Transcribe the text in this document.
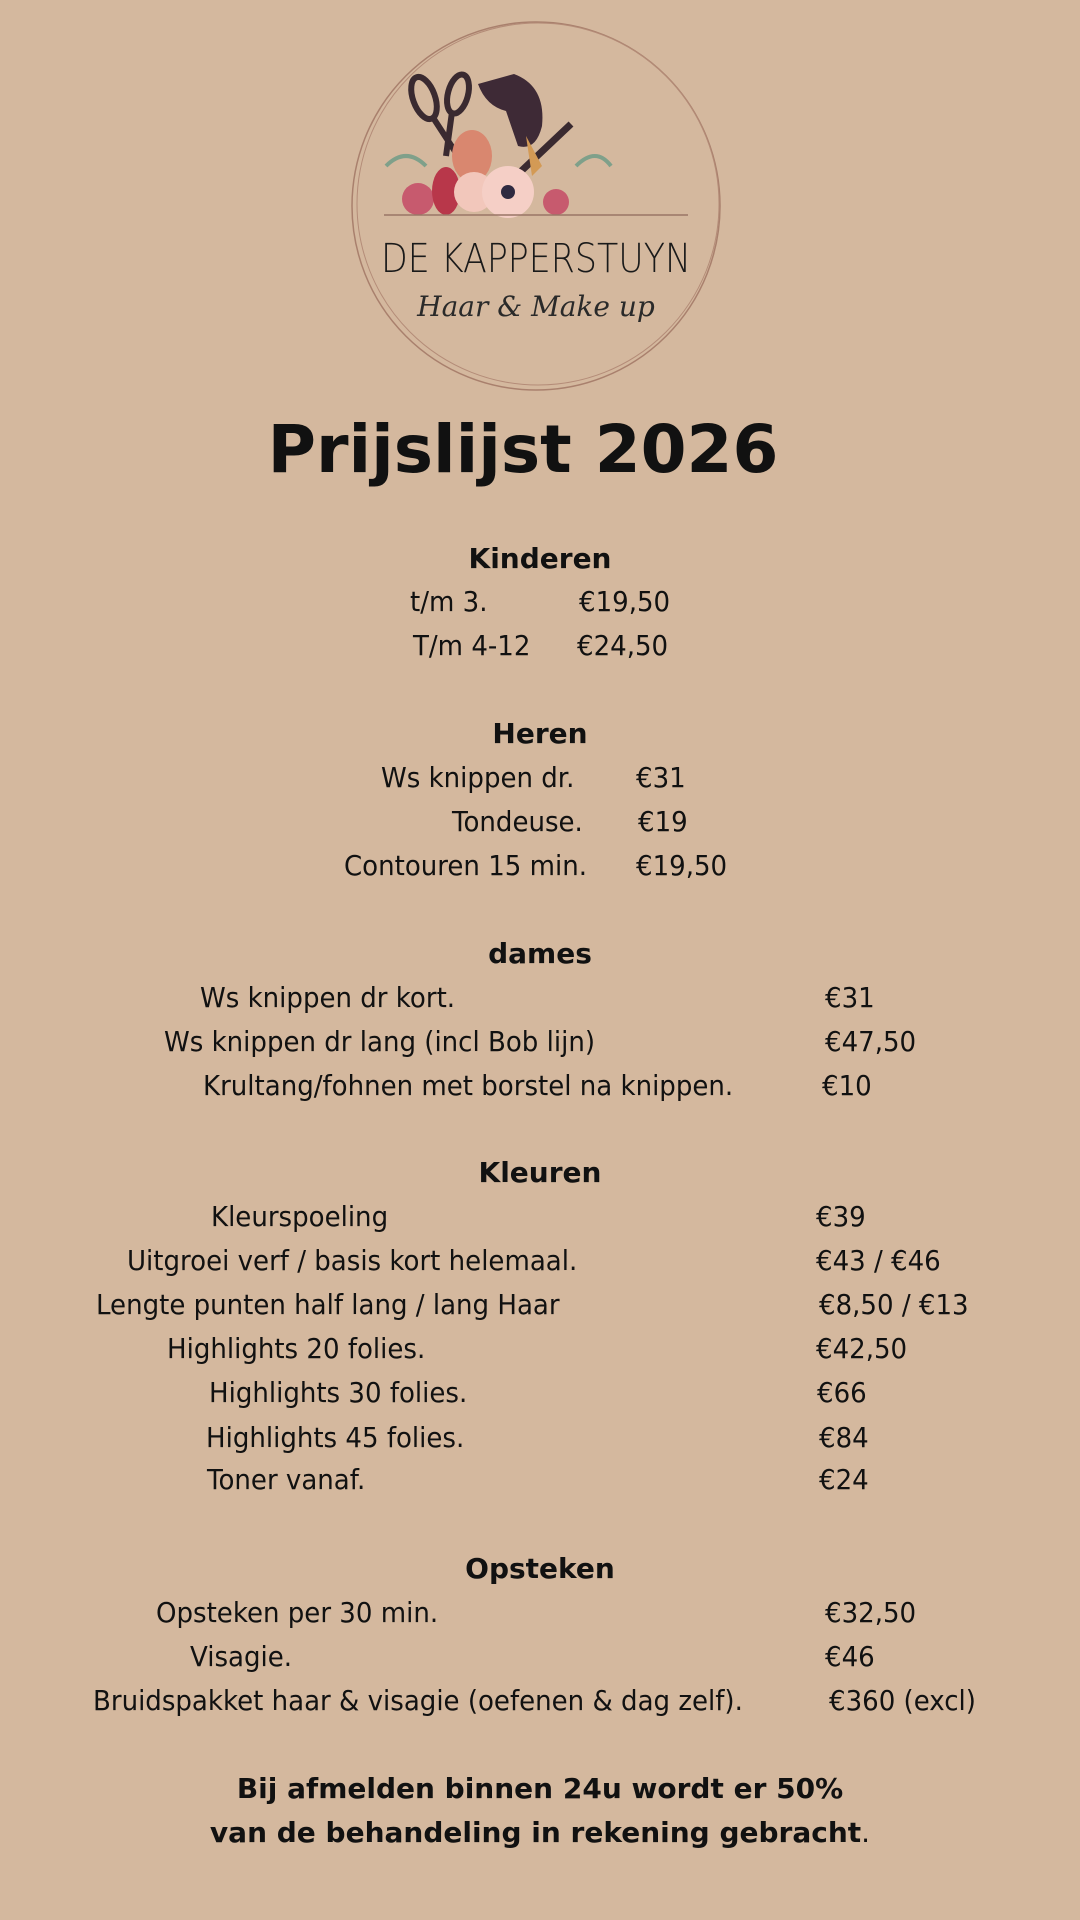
DE KAPPERSTUYN
Haar & Make up
Prijslijst 2026
Kinderen
t/m 3.	€19,50
T/m 4-12 €24,50
Heren
Ws knippen dr. €31
Tondeuse. €19
Contouren 15 min. €19,50
dames
Ws knippen dr kort.	€31
Ws knippen dr lang (incl Bob lijn)	€47,50
Krultang/fohnen met borstel na knippen.	€10
Kleuren
Kleurspoeling	€39
Uitgroei verf / basis kort helemaal.	€43 / €46
Lengte punten half lang / lang Haar	€8,50 / €13
Highlights 20 folies.	€42,50
Highlights 30 folies.	€66
Highlights 45 folies.	€84
Toner vanaf.	€24
Opsteken
Opsteken per 30 min.	€32,50
Visagie.	€46
Bruidspakket haar & visagie (oefenen & dag zelf).	€360 (excl)
Bij afmelden binnen 24u wordt er 50%
van de behandeling in rekening gebracht.
